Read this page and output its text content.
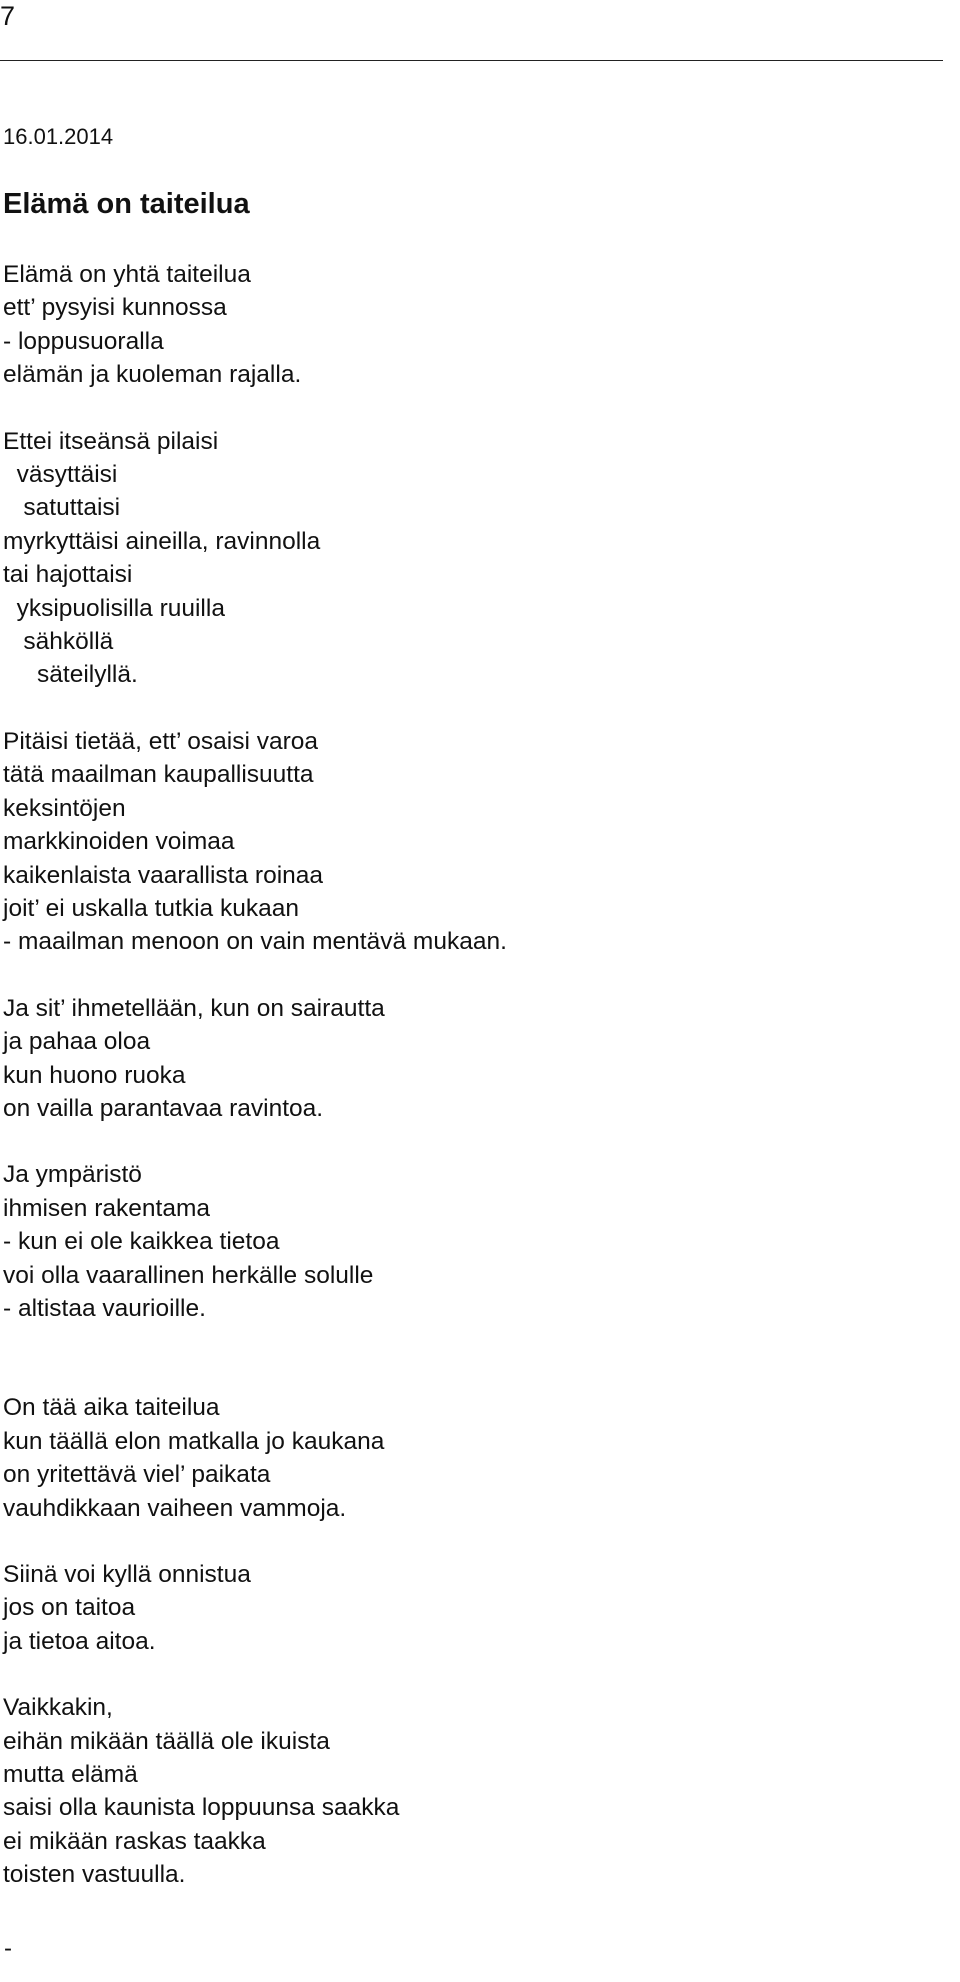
7
16.01.2014
Elämä on taiteilua
Elämä on yhtä taiteilua
ett’ pysyisi kunnossa
- loppusuoralla
elämän ja kuoleman rajalla.
Ettei itseänsä pilaisi
väsyttäisi
satuttaisi
myrkyttäisi aineilla, ravinnolla
tai hajottaisi
yksipuolisilla ruuilla
sähköllä
säteilyllä.
Pitäisi tietää, ett’ osaisi varoa
tätä maailman kaupallisuutta
keksintöjen
markkinoiden voimaa
kaikenlaista vaarallista roinaa
joit’ ei uskalla tutkia kukaan
- maailman menoon on vain mentävä mukaan.
Ja sit’ ihmetellään, kun on sairautta
ja pahaa oloa
kun huono ruoka
on vailla parantavaa ravintoa.
Ja ympäristö
ihmisen rakentama
- kun ei ole kaikkea tietoa
voi olla vaarallinen herkälle solulle
- altistaa vaurioille.
On tää aika taiteilua
kun täällä elon matkalla jo kaukana
on yritettävä viel’ paikata
vauhdikkaan vaiheen vammoja.
Siinä voi kyllä onnistua
jos on taitoa
ja tietoa aitoa.
Vaikkakin,
eihän mikään täällä ole ikuista
mutta elämä
saisi olla kaunista loppuunsa saakka
ei mikään raskas taakka
toisten vastuulla.
-
